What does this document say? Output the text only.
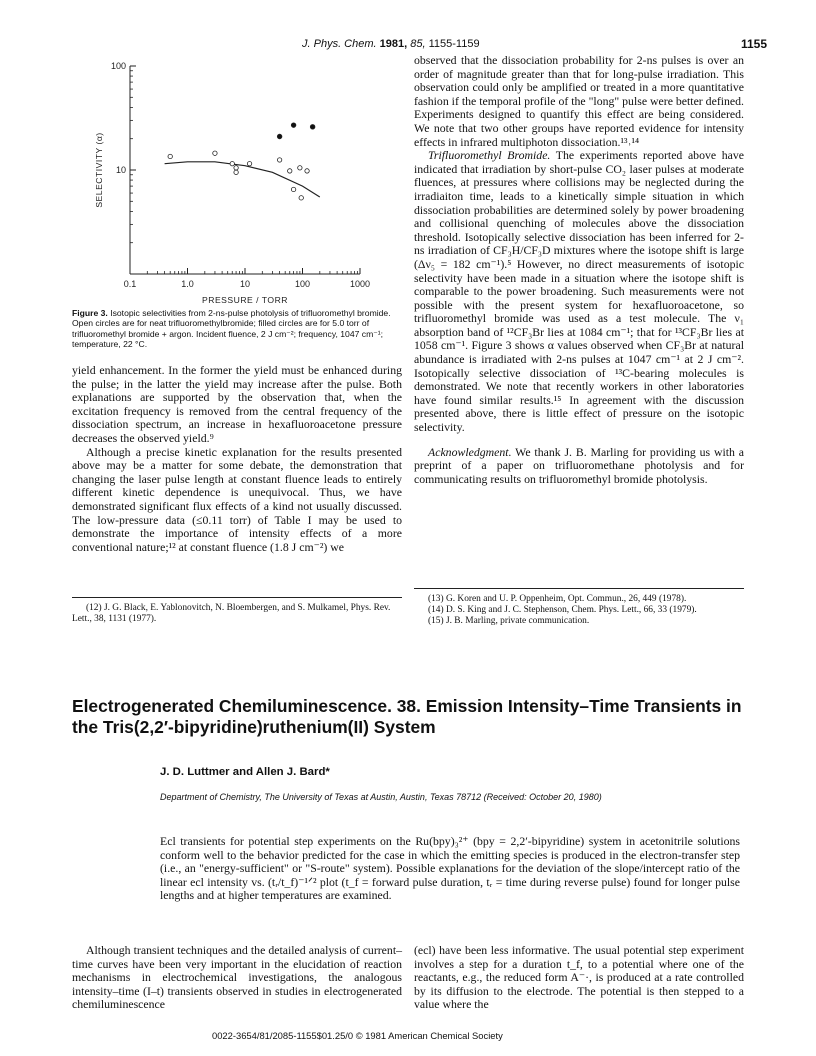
J. Phys. Chem. 1981, 85, 1155-1159	1155
0.1	1.0	10	100	1000
100
10
PRESSURE / TORR
SELECTIVITY (α)
Figure 3. Isotopic selectivities from 2-ns-pulse photolysis of trifluoromethyl bromide. Open circles are for neat trifluoromethylbromide; filled circles are for 5.0 torr of trifluoromethyl bromide + argon. Incident fluence, 2 J cm⁻²; frequency, 1047 cm⁻¹; temperature, 22 °C.

yield enhancement. In the former the yield must be enhanced during the pulse; in the latter the yield may increase after the pulse. Both explanations are supported by the observation that, when the excitation frequency is removed from the central frequency of the dissociation spectrum, an increase in hexafluoroacetone pressure decreases the observed yield.⁹

Although a precise kinetic explanation for the results presented above may be a matter for some debate, the demonstration that changing the laser pulse length at constant fluence leads to entirely different kinetic dependence is unequivocal. Thus, we have demonstrated significant flux effects of a kind not usually discussed. The low-pressure data (≤0.11 torr) of Table I may be used to demonstrate the importance of intensity effects of a more conventional nature;¹² at constant fluence (1.8 J cm⁻²) we

(12) J. G. Black, E. Yablonovitch, N. Bloembergen, and S. Mulkamel, Phys. Rev. Lett., 38, 1131 (1977).

observed that the dissociation probability for 2-ns pulses is over an order of magnitude greater than that for long-pulse irradiation. This observation could only be amplified or treated in a more quantitative fashion if the temporal profile of the "long" pulse were better defined. Experiments designed to quantify this effect are being considered. We note that two other groups have reported evidence for intensity effects in infrared multiphoton dissociation.¹³˒¹⁴

Trifluoromethyl Bromide. The experiments reported above have indicated that irradiation by short-pulse CO₂ laser pulses at moderate fluences, at pressures where collisions may be neglected during the irradiaiton time, leads to a kinetically simple situation in which dissociation probabilities are determined solely by power broadening and collisional quenching of molecules above the dissociation threshold. Isotopically selective dissociation has been inferred for 2-ns irradiation of CF₃H/CF₃D mixtures where the isotope shift is large (Δν₅ = 182 cm⁻¹).⁵ However, no direct measurements of isotopic selectivity have been made in a situation where the isotope shift is comparable to the power broadening. Such measurements were not possible with the present system for hexafluoroacetone, so trifluoromethyl bromide was used as a test molecule. The ν₁ absorption band of ¹²CF₃Br lies at 1084 cm⁻¹; that for ¹³CF₃Br lies at 1058 cm⁻¹. Figure 3 shows α values observed when CF₃Br at natural abundance is irradiated with 2-ns pulses at 1047 cm⁻¹ at 2 J cm⁻². Isotopically selective dissociation of ¹³C-bearing molecules is demonstrated. We note that recently workers in other laboratories have found similar results.¹⁵ In agreement with the discussion presented above, there is little effect of pressure on the isotopic selectivity.

Acknowledgment. We thank J. B. Marling for providing us with a preprint of a paper on trifluoromethane photolysis and for communicating results on trifluoromethyl bromide photolysis.

(13) G. Koren and U. P. Oppenheim, Opt. Commun., 26, 449 (1978).

(14) D. S. King and J. C. Stephenson, Chem. Phys. Lett., 66, 33 (1979).

(15) J. B. Marling, private communication.

Electrogenerated Chemiluminescence. 38. Emission Intensity–Time Transients in the Tris(2,2′-bipyridine)ruthenium(II) System
J. D. Luttmer and Allen J. Bard*
Department of Chemistry, The University of Texas at Austin, Austin, Texas 78712 (Received: October 20, 1980)
Ecl transients for potential step experiments on the Ru(bpy)₃²⁺ (bpy = 2,2′-bipyridine) system in acetonitrile solutions conform well to the behavior predicted for the case in which the emitting species is produced in the electron-transfer step (i.e., an "energy-sufficient" or "S-route" system). Possible explanations for the deviation of the slope/intercept ratio of the linear ecl intensity vs. (tᵣ/t_f)⁻¹ᐟ² plot (t_f = forward pulse duration, tᵣ = time during reverse pulse) found for longer pulse lengths and at higher temperatures are examined.
Although transient techniques and the detailed analysis of current–time curves have been very important in the elucidation of reaction mechanisms in electrochemical investigations, the analogous intensity–time (I–t) transients observed in studies in electrogenerated chemiluminescence
(ecl) have been less informative. The usual potential step experiment involves a step for a duration t_f, to a potential where one of the reactants, e.g., the reduced form A⁻·, is produced at a rate controlled by its diffusion to the electrode. The potential is then stepped to a value where the
0022-3654/81/2085-1155$01.25/0 © 1981 American Chemical Society
